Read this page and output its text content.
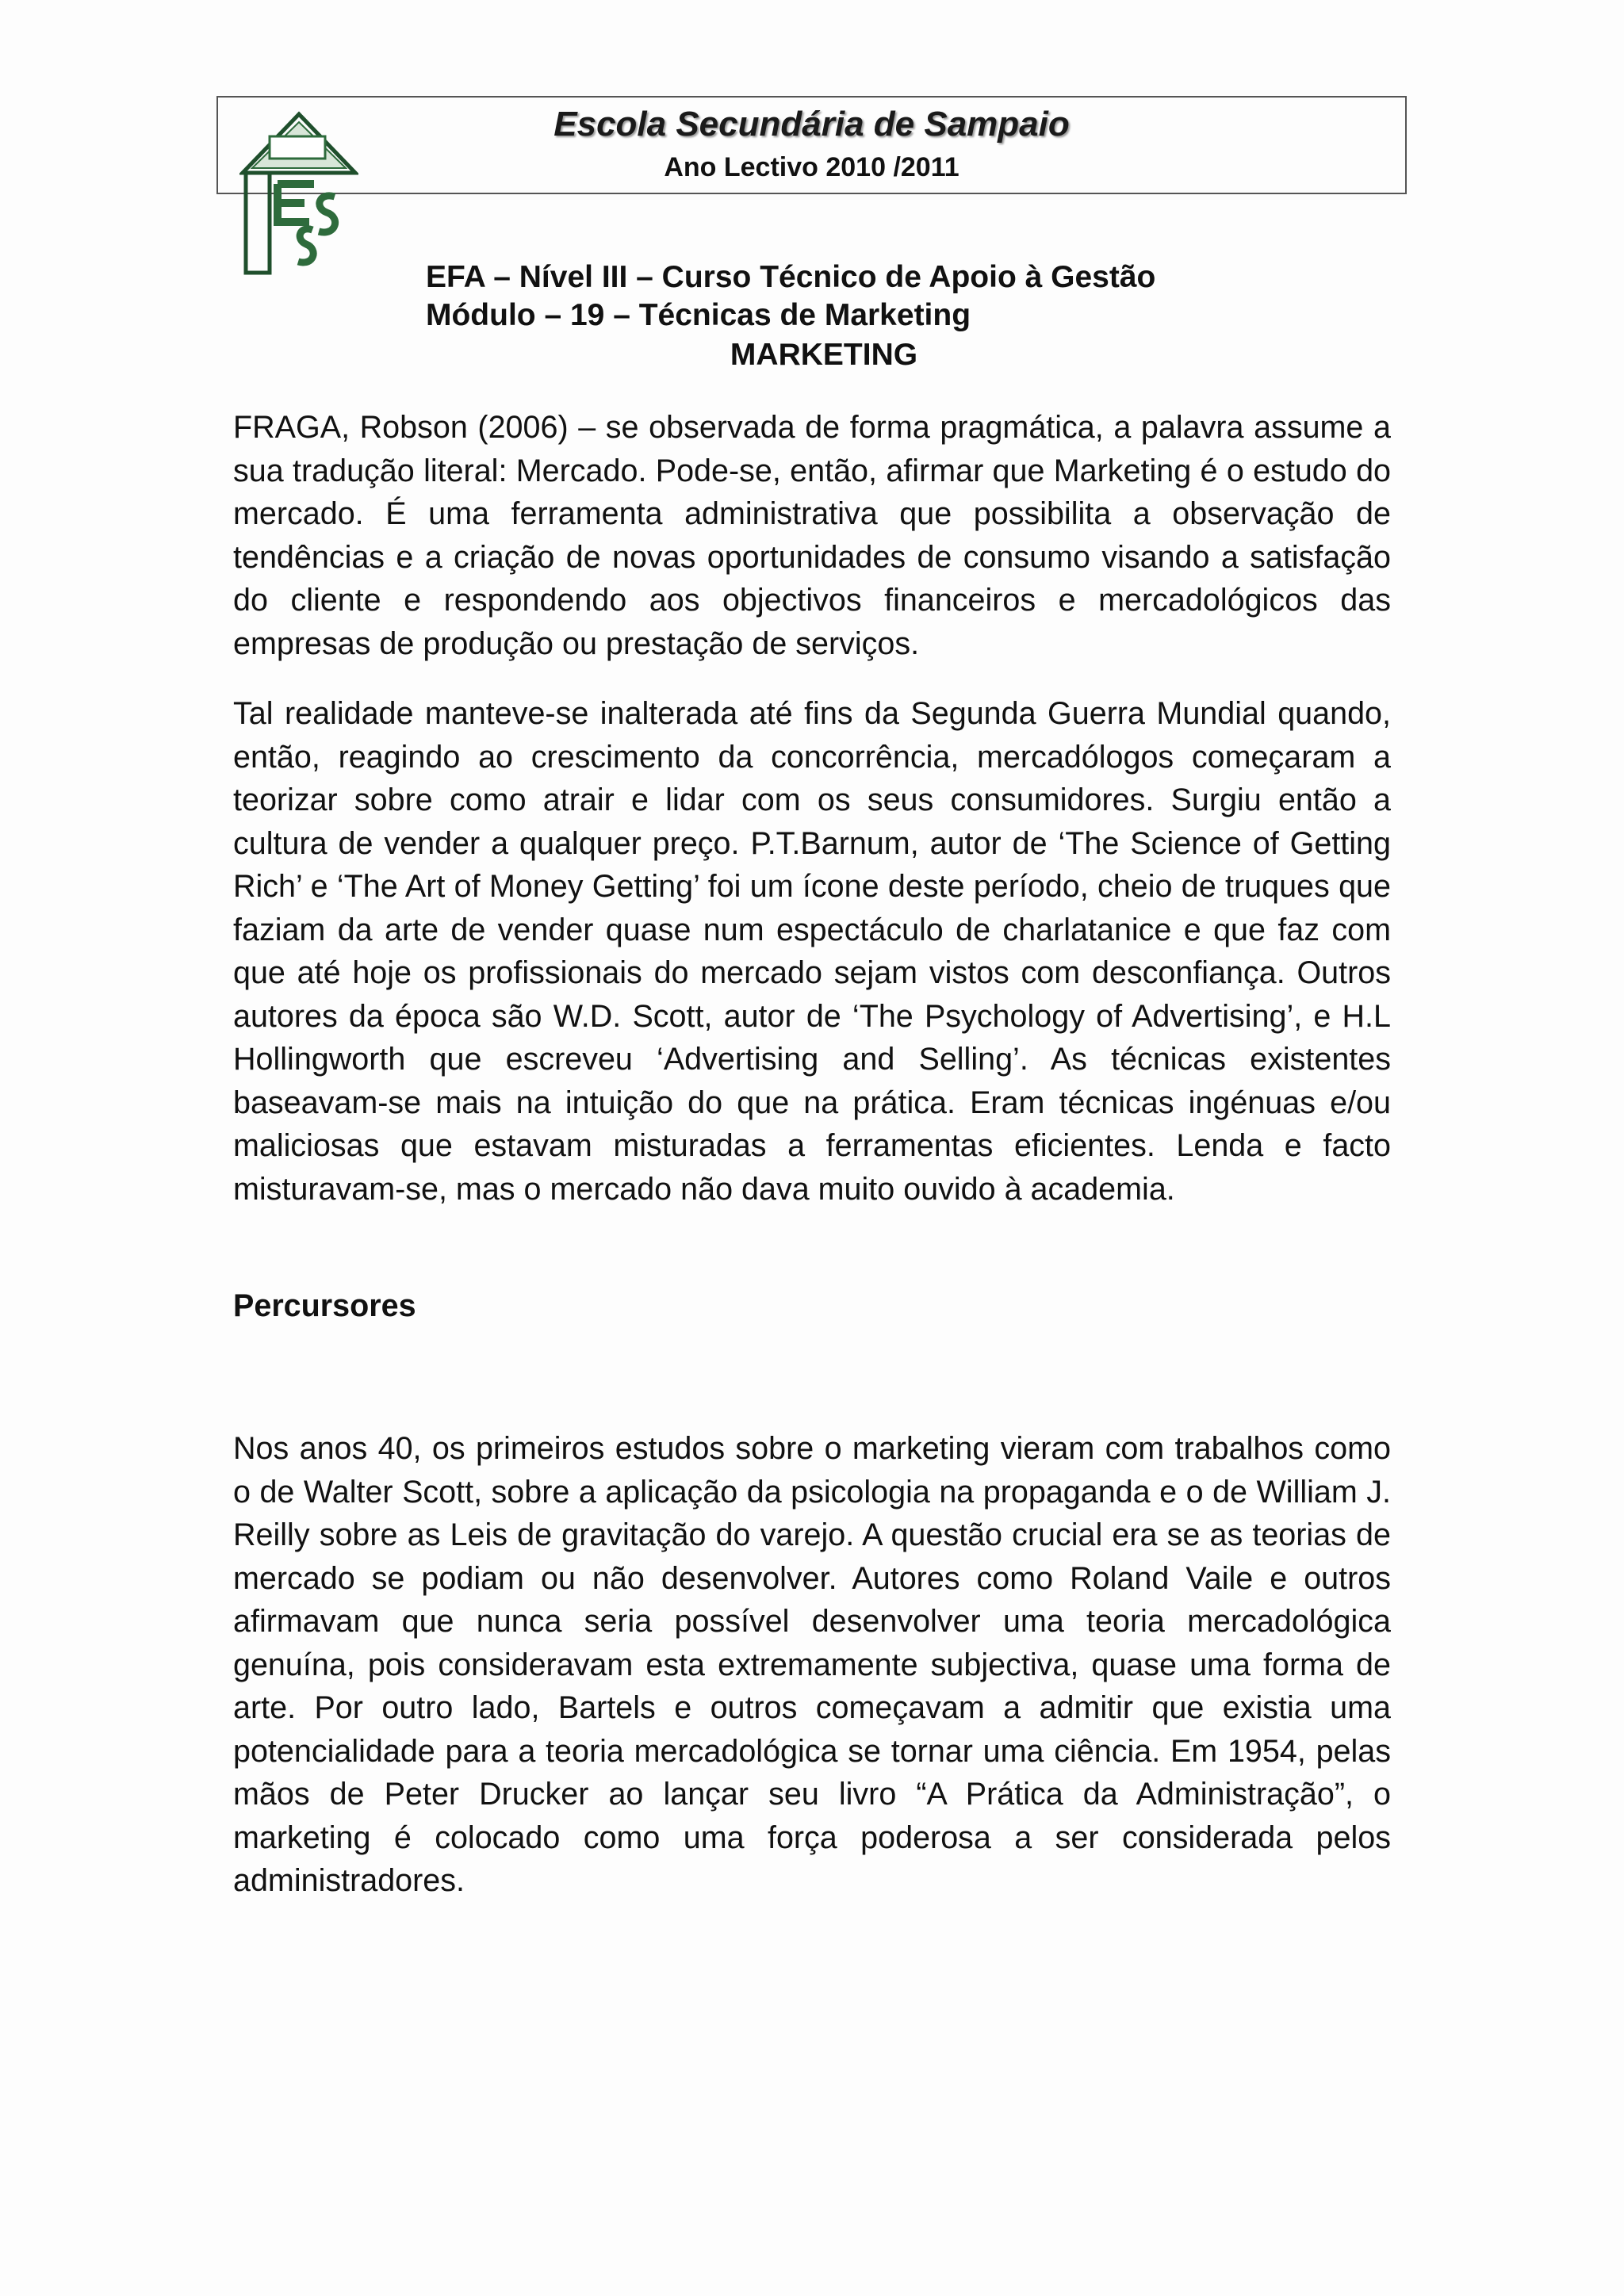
Escola Secundária de Sampaio
Ano Lectivo 2010 /2011
EFA – Nível III – Curso Técnico de Apoio à Gestão
Módulo – 19 – Técnicas de Marketing
MARKETING

FRAGA, Robson (2006) – se observada de forma pragmática, a palavra assume a sua tradução literal: Mercado. Pode-se, então, afirmar que Marketing é o estudo do mercado. É uma ferramenta administrativa que possibilita a observação de tendências e a criação de novas oportunidades de consumo visando a satisfação do cliente e respondendo aos objectivos financeiros e mercadológicos das empresas de produção ou prestação de serviços.

Tal realidade manteve-se inalterada até fins da Segunda Guerra Mundial quando, então, reagindo ao crescimento da concorrência, mercadólogos começaram a teorizar sobre como atrair e lidar com os seus consumidores. Surgiu então a cultura de vender a qualquer preço. P.T.Barnum, autor de ‘The Science of Getting Rich’ e ‘The Art of Money Getting’ foi um ícone deste período, cheio de truques que faziam da arte de vender quase num espectáculo de charlatanice e que faz com que até hoje os profissionais do mercado sejam vistos com desconfiança. Outros autores da época são W.D. Scott, autor de ‘The Psychology of Advertising’, e H.L Hollingworth que escreveu ‘Advertising and Selling’. As técnicas existentes baseavam-se mais na intuição do que na prática. Eram técnicas ingénuas e/ou maliciosas que estavam misturadas a ferramentas eficientes. Lenda e facto misturavam-se, mas o mercado não dava muito ouvido à academia.

Percursores

Nos anos 40, os primeiros estudos sobre o marketing vieram com trabalhos como o de Walter Scott, sobre a aplicação da psicologia na propaganda e o de William J. Reilly sobre as Leis de gravitação do varejo. A questão crucial era se as teorias de mercado se podiam ou não desenvolver. Autores como Roland Vaile e outros afirmavam que nunca seria possível desenvolver uma teoria mercadológica genuína, pois consideravam esta extremamente subjectiva, quase uma forma de arte. Por outro lado, Bartels e outros começavam a admitir que existia uma potencialidade para a teoria mercadológica se tornar uma ciência. Em 1954, pelas mãos de Peter Drucker ao lançar seu livro “A Prática da Administração”, o marketing é colocado como uma força poderosa a ser considerada pelos administradores.
